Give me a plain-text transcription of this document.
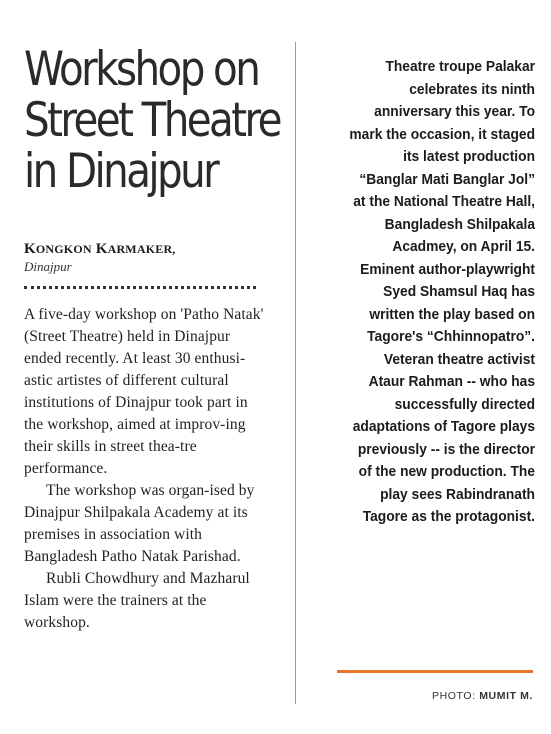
Workshop on
Street Theatre
in Dinajpur
KONGKON KARMAKER,
Dinajpur

A five-day workshop on 'Patho Natak' (Street Theatre) held in Dinajpur ended recently. At least 30 enthusi-astic artistes of different cultural institutions of Dinajpur took part in the workshop, aimed at improv-ing their skills in street thea-tre performance.

The workshop was organ-ised by Dinajpur Shilpakala Academy at its premises in association with Bangladesh Patho Natak Parishad.

Rubli Chowdhury and Mazharul Islam were the trainers at the workshop.

Theatre troupe Palakar celebrates its ninth anniversary this year. To mark the occasion, it staged its latest production “Banglar Mati Banglar Jol” at the National Theatre Hall, Bangladesh Shilpakala Acadmey, on April 15. Eminent author-playwright Syed Shamsul Haq has written the play based on Tagore's “Chhinnopatro”. Veteran theatre activist Ataur Rahman -- who has successfully directed adaptations of Tagore plays previously -- is the director of the new production. The play sees Rabindranath Tagore as the protagonist.

PHOTO: MUMIT M.
